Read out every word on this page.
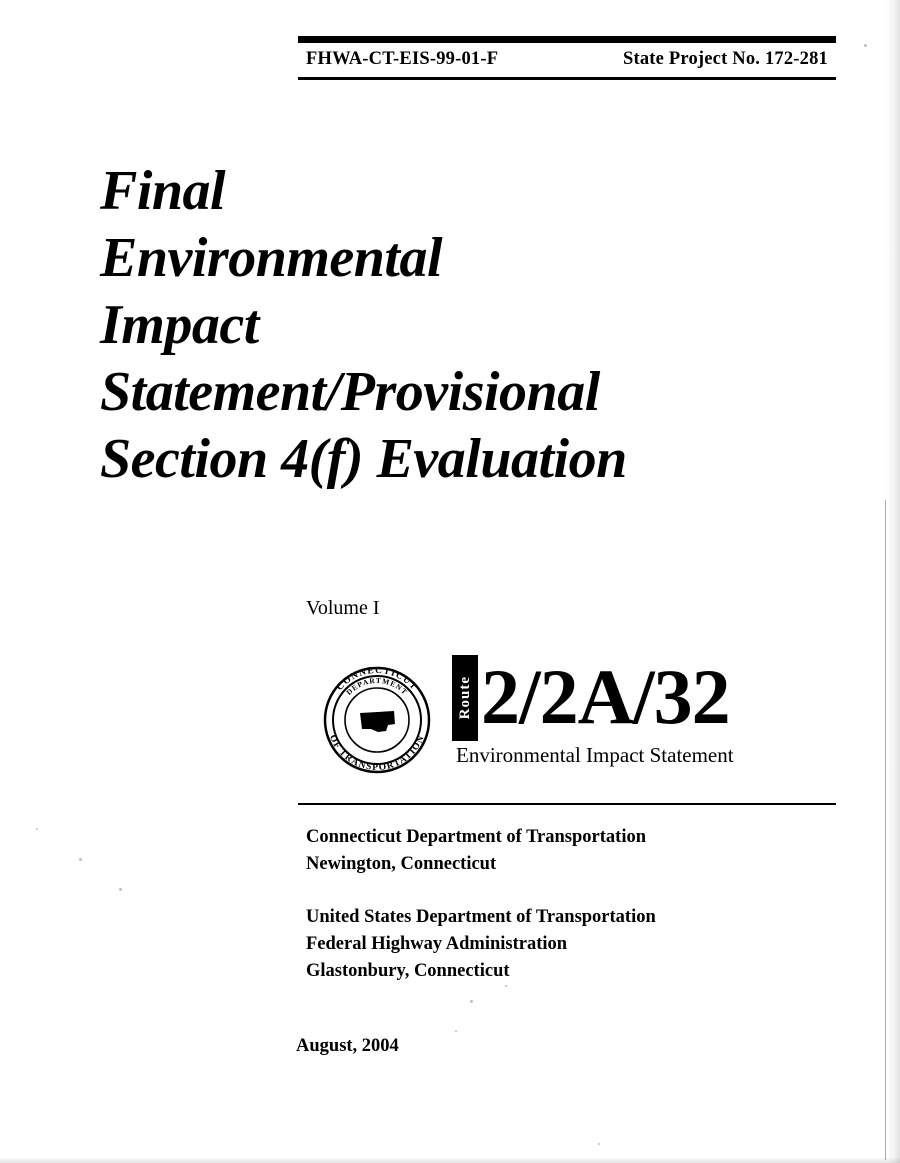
FHWA-CT-EIS-99-01-F	State Project No. 172-281
Final
Environmental
Impact
Statement/Provisional
Section 4(f) Evaluation
Volume I
CONNECTICUT
OF TRANSPORTATION
DEPARTMENT	Route 2/2A/32
Environmental Impact Statement
Connecticut Department of Transportation
Newington, Connecticut
United States Department of Transportation
Federal Highway Administration
Glastonbury, Connecticut
August, 2004
